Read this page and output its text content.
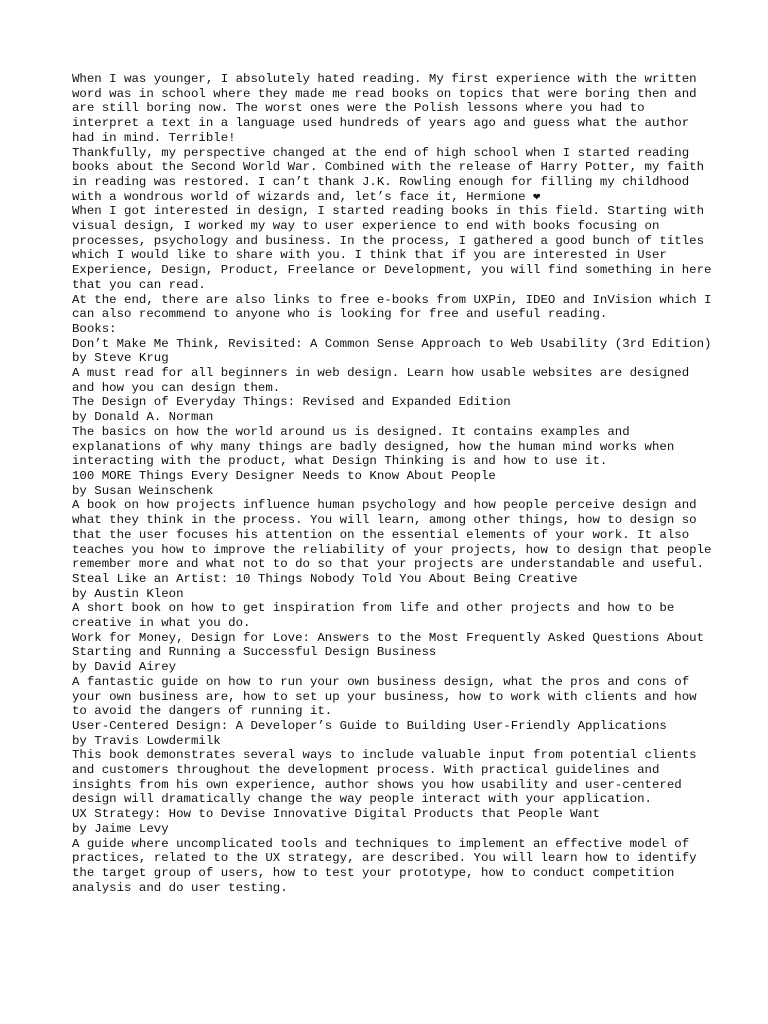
When I was younger, I absolutely hated reading. My first experience with the written word was in school where they made me read books on topics that were boring then and are still boring now. The worst ones were the Polish lessons where you had to interpret a text in a language used hundreds of years ago and guess what the author had in mind. Terrible!

Thankfully, my perspective changed at the end of high school when I started reading books about the Second World War. Combined with the release of Harry Potter, my faith in reading was restored. I can’t thank J.K. Rowling enough for filling my childhood with a wondrous world of wizards and, let’s face it, Hermione ❤

When I got interested in design, I started reading books in this field. Starting with visual design, I worked my way to user experience to end with books focusing on processes, psychology and business. In the process, I gathered a good bunch of titles which I would like to share with you. I think that if you are interested in User Experience, Design, Product, Freelance or Development, you will find something in here that you can read.

At the end, there are also links to free e-books from UXPin, IDEO and InVision which I can also recommend to anyone who is looking for free and useful reading.

Books:

Don’t Make Me Think, Revisited: A Common Sense Approach to Web Usability (3rd Edition)

by Steve Krug

A must read for all beginners in web design. Learn how usable websites are designed and how you can design them.

The Design of Everyday Things: Revised and Expanded Edition

by Donald A. Norman

The basics on how the world around us is designed. It contains examples and explanations of why many things are badly designed, how the human mind works when interacting with the product, what Design Thinking is and how to use it.

100 MORE Things Every Designer Needs to Know About People

by Susan Weinschenk

A book on how projects influence human psychology and how people perceive design and what they think in the process. You will learn, among other things, how to design so that the user focuses his attention on the essential elements of your work. It also teaches you how to improve the reliability of your projects, how to design that people remember more and what not to do so that your projects are understandable and useful.

Steal Like an Artist: 10 Things Nobody Told You About Being Creative

by Austin Kleon

A short book on how to get inspiration from life and other projects and how to be creative in what you do.

Work for Money, Design for Love: Answers to the Most Frequently Asked Questions About Starting and Running a Successful Design Business

by David Airey

A fantastic guide on how to run your own business design, what the pros and cons of your own business are, how to set up your business, how to work with clients and how to avoid the dangers of running it.

User-Centered Design: A Developer’s Guide to Building User-Friendly Applications

by Travis Lowdermilk

This book demonstrates several ways to include valuable input from potential clients and customers throughout the development process. With practical guidelines and insights from his own experience, author shows you how usability and user-centered design will dramatically change the way people interact with your application.

UX Strategy: How to Devise Innovative Digital Products that People Want

by Jaime Levy

A guide where uncomplicated tools and techniques to implement an effective model of practices, related to the UX strategy, are described. You will learn how to identify the target group of users, how to test your prototype, how to conduct competition analysis and do user testing.
